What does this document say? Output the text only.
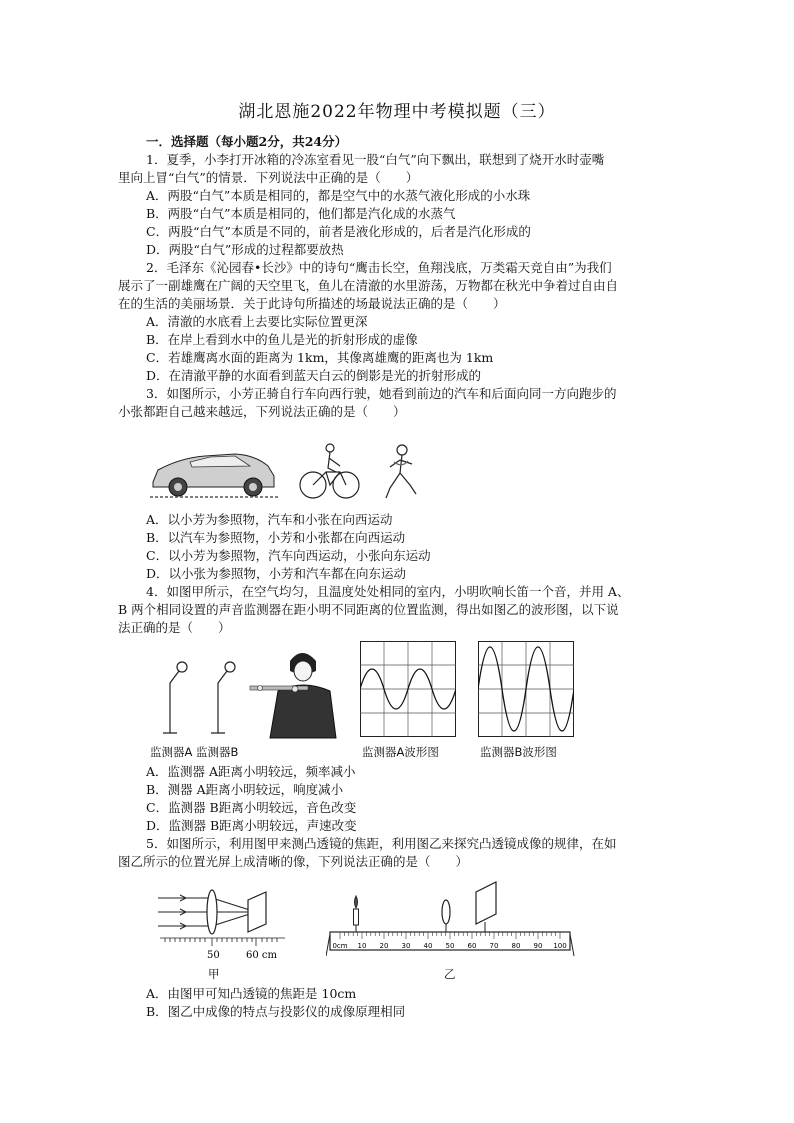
湖北恩施2022年物理中考模拟题（三）
一．选择题（每小题2分，共24分）
1．夏季，小李打开冰箱的冷冻室看见一股“白气”向下飘出，联想到了烧开水时壶嘴
里向上冒“白气”的情景．下列说法中正确的是（　　）
A．两股“白气”本质是相同的，都是空气中的水蒸气液化形成的小水珠
B．两股“白气”本质是相同的，他们都是汽化成的水蒸气
C．两股“白气”本质是不同的，前者是液化形成的，后者是汽化形成的
D．两股“白气”形成的过程都要放热
2．毛泽东《沁园春•长沙》中的诗句“鹰击长空，鱼翔浅底，万类霜天竞自由”为我们
展示了一副雄鹰在广阔的天空里飞，鱼儿在清澈的水里游荡，万物都在秋光中争着过自由自
在的生活的美丽场景．关于此诗句所描述的场最说法正确的是（　　）
A．清澈的水底看上去要比实际位置更深
B．在岸上看到水中的鱼儿是光的折射形成的虚像
C．若雄鹰离水面的距离为 1km，其像离雄鹰的距离也为 1km
D．在清澈平静的水面看到蓝天白云的倒影是光的折射形成的
3．如图所示，小芳正骑自行车向西行驶，她看到前边的汽车和后面向同一方向跑步的
小张都距自己越来越远，下列说法正确的是（　　）
A．以小芳为参照物，汽车和小张在向西运动
B．以汽车为参照物，小芳和小张都在向西运动
C．以小芳为参照物，汽车向西运动，小张向东运动
D．以小张为参照物，小芳和汽车都在向东运动
4．如图甲所示，在空气均匀，且温度处处相同的室内，小明吹响长笛一个音，并用 A、
B 两个相同设置的声音监测器在距小明不同距离的位置监测，得出如图乙的波形图，以下说
法正确的是（　　）
监测器A 监测器B	监测器A波形图	监测器B波形图
A．监测器 A距离小明较远，频率减小
B．测器 A距离小明较远，响度减小
C．监测器 B距离小明较远，音色改变
D．监测器 B距离小明较远，声速改变
5．如图所示，利用图甲来测凸透镜的焦距，利用图乙来探究凸透镜成像的规律，在如
图乙所示的位置光屏上成清晰的像，下列说法正确的是（　　）
50	60 cm
甲
0cm 10 20 30 40 50 60 70 80 90 100
乙
A．由图甲可知凸透镜的焦距是 10cm
B．图乙中成像的特点与投影仪的成像原理相同
